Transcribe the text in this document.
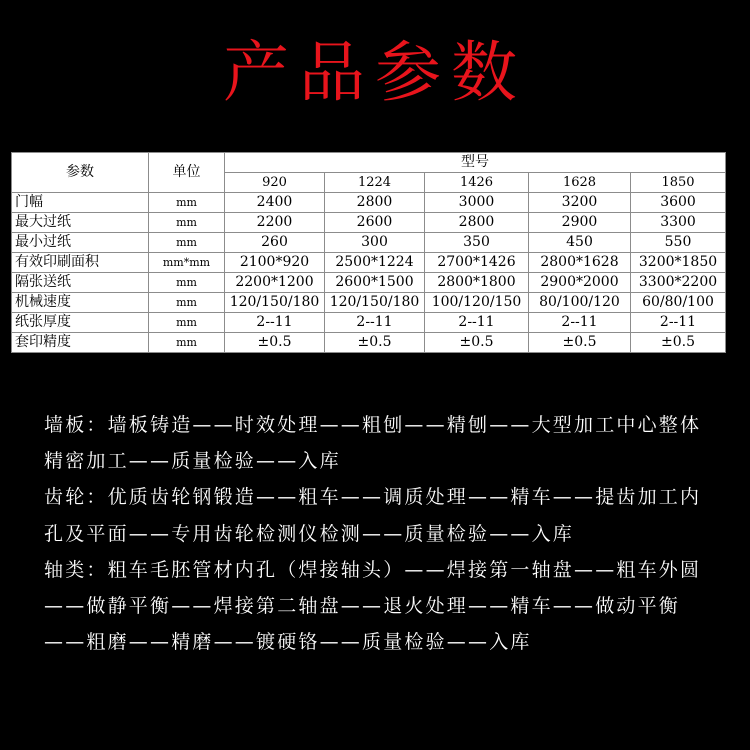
产品参数
参数	单位	型号				
		920	1224	1426	1628	1850
门幅	mm	2400	2800	3000	3200	3600
最大过纸	mm	2200	2600	2800	2900	3300
最小过纸	mm	260	300	350	450	550
有效印刷面积	mm*mm	2100*920	2500*1224	2700*1426	2800*1628	3200*1850
隔张送纸	mm	2200*1200	2600*1500	2800*1800	2900*2000	3300*2200
机械速度	mm	120/150/180	120/150/180	100/120/150	80/100/120	60/80/100
纸张厚度	mm	2--11	2--11	2--11	2--11	2--11
套印精度	mm	±0.5	±0.5	±0.5	±0.5	±0.5

墙板：墙板铸造——时效处理——粗刨——精刨——大型加工中心整体精密加工——质量检验——入库

齿轮：优质齿轮钢锻造——粗车——调质处理——精车——提齿加工内孔及平面——专用齿轮检测仪检测——质量检验——入库

轴类：粗车毛胚管材内孔（焊接轴头）——焊接第一轴盘——粗车外圆——做静平衡——焊接第二轴盘——退火处理——精车——做动平衡——粗磨——精磨——镀硬铬——质量检验——入库
